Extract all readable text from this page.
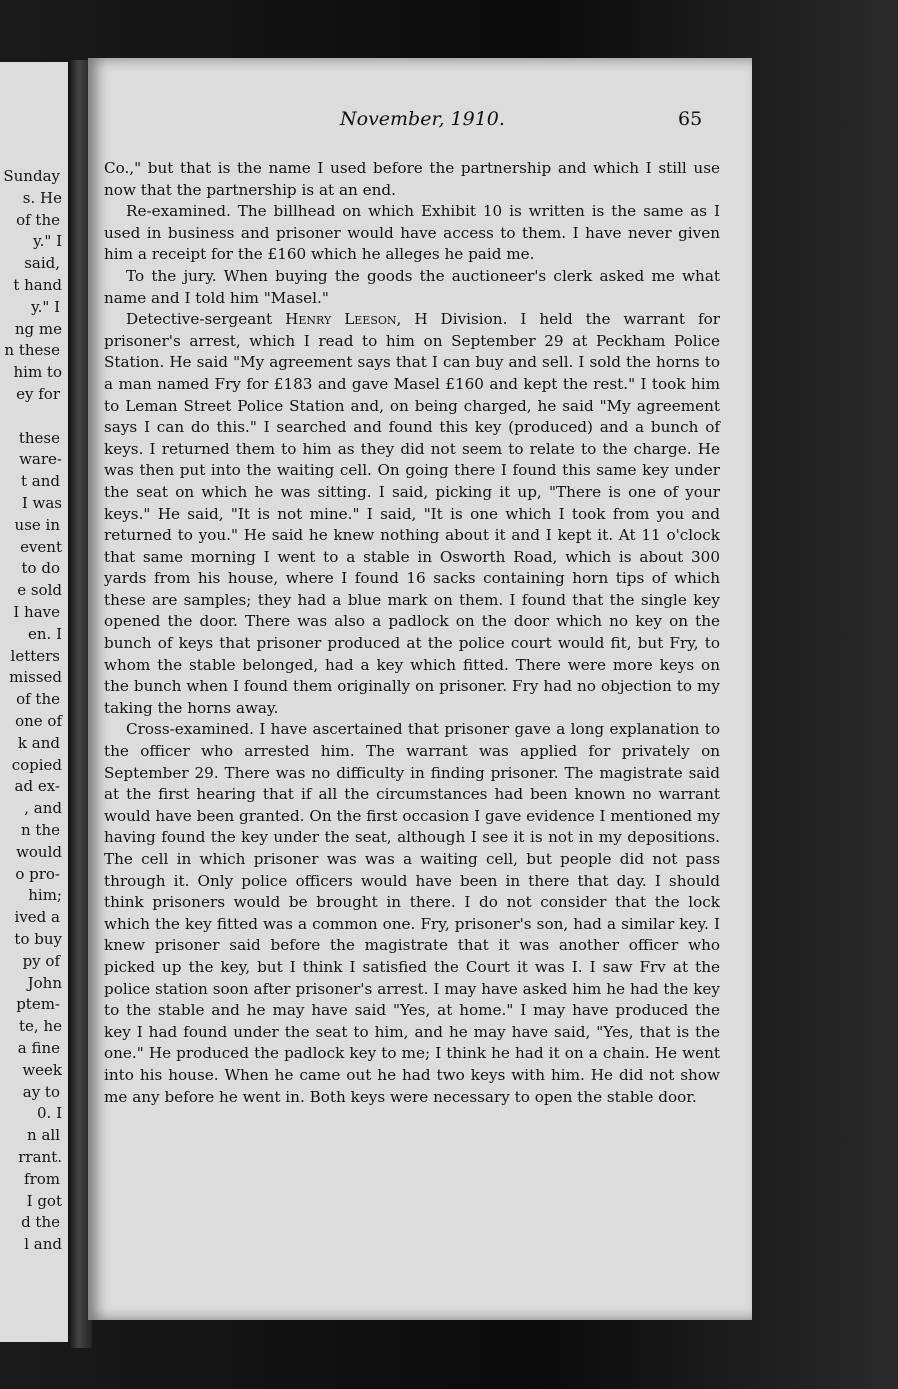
Sunday
s. He
of the
y." I
said,
t hand
y." I
ng me
n these
him to
ey for
these
ware-
t and
I was
use in
event
to do
e sold
I have
en. I
letters
missed
of the
one of
k and
copied
ad ex-
, and
n the
would
o pro-
him;
ived a
to buy
py of
John
ptem-
te, he
a fine
week
ay to
0. I
n all
rrant.
from
I got
d the
l and
November, 1910.	65

Co.," but that is the name I used before the partnership and which I still use now that the partnership is at an end.

Re-examined. The billhead on which Exhibit 10 is written is the same as I used in business and prisoner would have access to them. I have never given him a receipt for the £160 which he alleges he paid me.

To the jury. When buying the goods the auctioneer's clerk asked me what name and I told him "Masel."

Detective-sergeant Henry Leeson, H Division. I held the warrant for prisoner's arrest, which I read to him on September 29 at Peckham Police Station. He said "My agreement says that I can buy and sell. I sold the horns to a man named Fry for £183 and gave Masel £160 and kept the rest." I took him to Leman Street Police Station and, on being charged, he said "My agreement says I can do this." I searched and found this key (produced) and a bunch of keys. I returned them to him as they did not seem to relate to the charge. He was then put into the waiting cell. On going there I found this same key under the seat on which he was sitting. I said, picking it up, "There is one of your keys." He said, "It is not mine." I said, "It is one which I took from you and returned to you." He said he knew nothing about it and I kept it. At 11 o'clock that same morning I went to a stable in Osworth Road, which is about 300 yards from his house, where I found 16 sacks containing horn tips of which these are samples; they had a blue mark on them. I found that the single key opened the door. There was also a padlock on the door which no key on the bunch of keys that prisoner produced at the police court would fit, but Fry, to whom the stable belonged, had a key which fitted. There were more keys on the bunch when I found them originally on prisoner. Fry had no objection to my taking the horns away.

Cross-examined. I have ascertained that prisoner gave a long explanation to the officer who arrested him. The warrant was applied for privately on September 29. There was no difficulty in finding prisoner. The magistrate said at the first hearing that if all the circumstances had been known no warrant would have been granted. On the first occasion I gave evidence I mentioned my having found the key under the seat, although I see it is not in my depositions. The cell in which prisoner was was a waiting cell, but people did not pass through it. Only police officers would have been in there that day. I should think prisoners would be brought in there. I do not consider that the lock which the key fitted was a common one. Fry, prisoner's son, had a similar key. I knew prisoner said before the magistrate that it was another officer who picked up the key, but I think I satisfied the Court it was I. I saw Frv at the police station soon after prisoner's arrest. I may have asked him he had the key to the stable and he may have said "Yes, at home." I may have produced the key I had found under the seat to him, and he may have said, "Yes, that is the one." He produced the padlock key to me; I think he had it on a chain. He went into his house. When he came out he had two keys with him. He did not show me any before he went in. Both keys were necessary to open the stable door.
